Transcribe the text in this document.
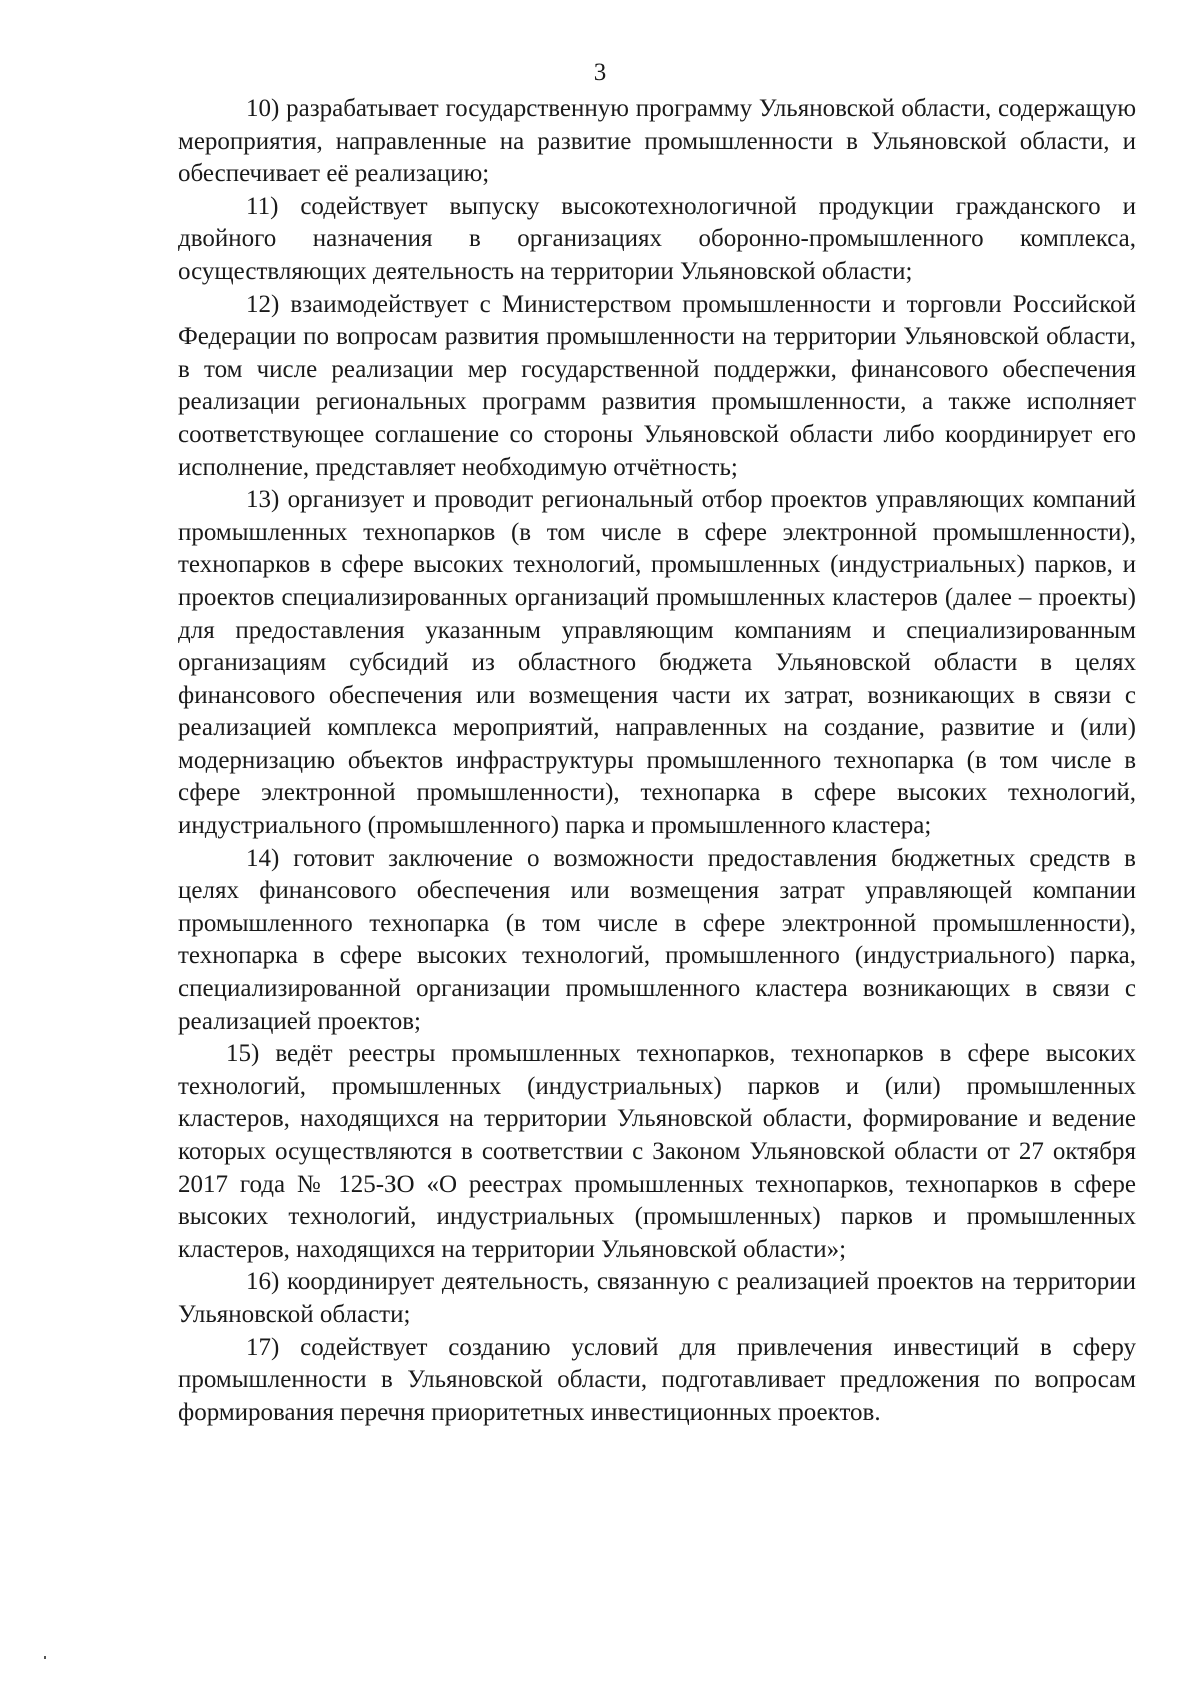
3

10) разрабатывает государственную программу Ульяновской области, содержащую мероприятия, направленные на развитие промышленности в Ульяновской области, и обеспечивает её реализацию;

11) содействует выпуску высокотехнологичной продукции гражданского и двойного назначения в организациях оборонно-промышленного комплекса, осуществляющих деятельность на территории Ульяновской области;

12) взаимодействует с Министерством промышленности и торговли Российской Федерации по вопросам развития промышленности на территории Ульяновской области, в том числе реализации мер государственной поддержки, финансового обеспечения реализации региональных программ развития промышленности, а также исполняет соответствующее соглашение со стороны Ульяновской области либо координирует его исполнение, представляет необходимую отчётность;

13) организует и проводит региональный отбор проектов управляющих компаний промышленных технопарков (в том числе в сфере электронной промышленности), технопарков в сфере высоких технологий, промышленных (индустриальных) парков, и проектов специализированных организаций промышленных кластеров (далее – проекты) для предоставления указанным управляющим компаниям и специализированным организациям субсидий из областного бюджета Ульяновской области в целях финансового обеспечения или возмещения части их затрат, возникающих в связи с реализацией комплекса мероприятий, направленных на создание, развитие и (или) модернизацию объектов инфраструктуры промышленного технопарка (в том числе в сфере электронной промышленности), технопарка в сфере высоких технологий, индустриального (промышленного) парка и промышленного кластера;

14) готовит заключение о возможности предоставления бюджетных средств в целях финансового обеспечения или возмещения затрат управляющей компании промышленного технопарка (в том числе в сфере электронной промышленности), технопарка в сфере высоких технологий, промышленного (индустриального) парка, специализированной организации промышленного кластера возникающих в связи с реализацией проектов;

15) ведёт реестры промышленных технопарков, технопарков в сфере высоких технологий, промышленных (индустриальных) парков и (или) промышленных кластеров, находящихся на территории Ульяновской области, формирование и ведение которых осуществляются в соответствии с Законом Ульяновской области от 27 октября 2017 года № 125-ЗО «О реестрах промышленных технопарков, технопарков в сфере высоких технологий, индустриальных (промышленных) парков и промышленных кластеров, находящихся на территории Ульяновской области»;

16) координирует деятельность, связанную с реализацией проектов на территории Ульяновской области;

17) содействует созданию условий для привлечения инвестиций в сферу промышленности в Ульяновской области, подготавливает предложения по вопросам формирования перечня приоритетных инвестиционных проектов.
